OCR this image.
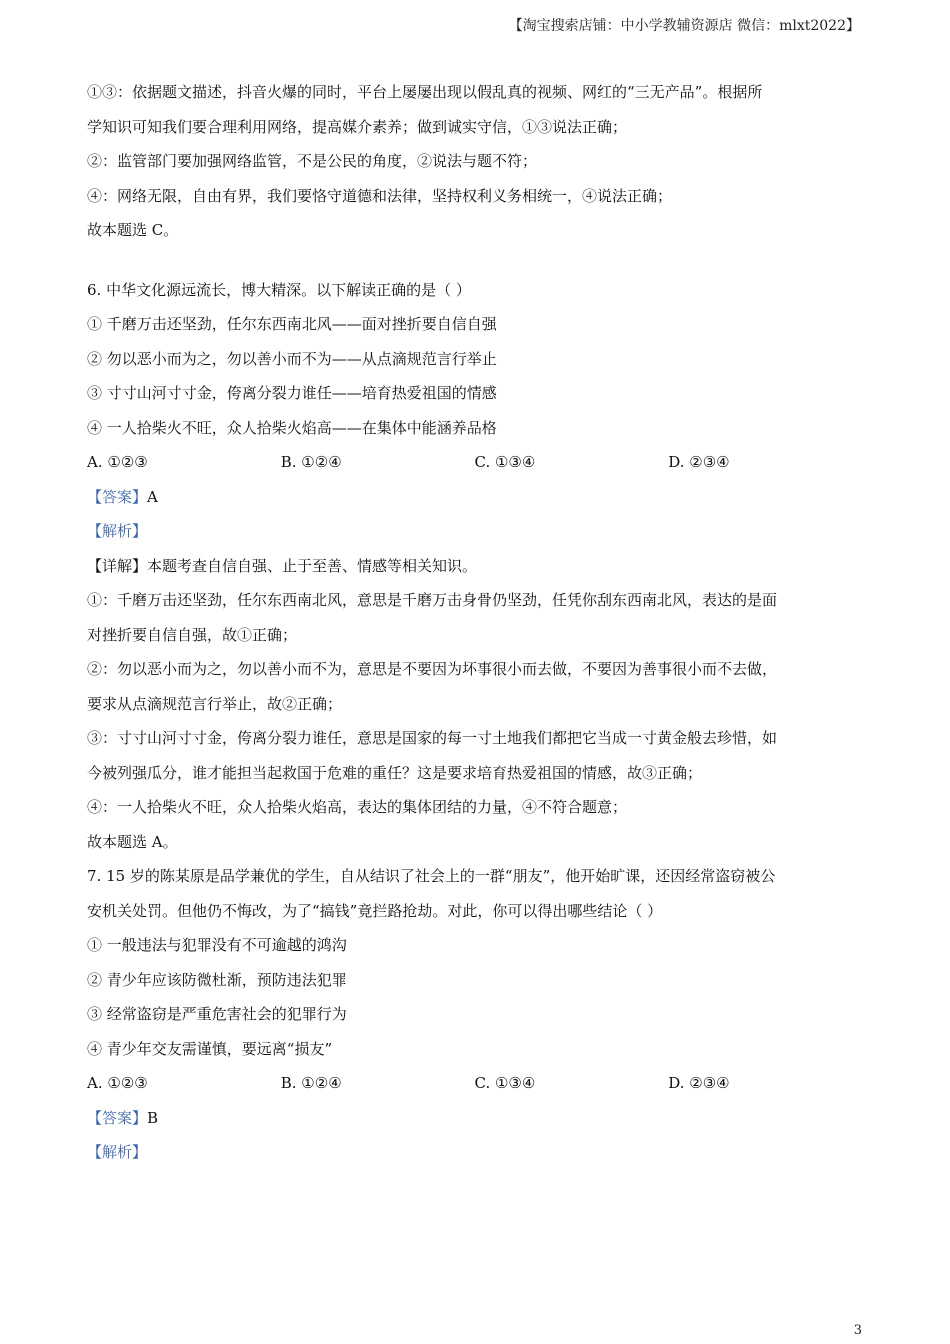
【淘宝搜索店铺：中小学教辅资源店 微信：mlxt2022】
①③：依据题文描述，抖音火爆的同时，平台上屡屡出现以假乱真的视频、网红的“三无产品”。根据所
学知识可知我们要合理利用网络，提高媒介素养；做到诚实守信，①③说法正确；
②：监管部门要加强网络监管，不是公民的角度，②说法与题不符；
④：网络无限，自由有界，我们要恪守道德和法律，坚持权利义务相统一，④说法正确；
故本题选 C。
6. 中华文化源远流长，博大精深。以下解读正确的是（ ）
① 千磨万击还坚劲，任尔东西南北风——面对挫折要自信自强
② 勿以恶小而为之，勿以善小而不为——从点滴规范言行举止
③ 寸寸山河寸寸金，侉离分裂力谁任——培育热爱祖国的情感
④ 一人拾柴火不旺，众人拾柴火焰高——在集体中能涵养品格
A. ①②③	B. ①②④	C. ①③④	D. ②③④
【答案】A
【解析】
【详解】本题考查自信自强、止于至善、情感等相关知识。
①：千磨万击还坚劲，任尔东西南北风，意思是千磨万击身骨仍坚劲，任凭你刮东西南北风，表达的是面
对挫折要自信自强，故①正确；
②：勿以恶小而为之，勿以善小而不为，意思是不要因为坏事很小而去做，不要因为善事很小而不去做，
要求从点滴规范言行举止，故②正确；
③：寸寸山河寸寸金，侉离分裂力谁任，意思是国家的每一寸土地我们都把它当成一寸黄金般去珍惜，如
今被列强瓜分，谁才能担当起救国于危难的重任？这是要求培育热爱祖国的情感，故③正确；
④：一人拾柴火不旺，众人拾柴火焰高，表达的集体团结的力量，④不符合题意；
故本题选 A。
7. 15 岁的陈某原是品学兼优的学生，自从结识了社会上的一群“朋友”，他开始旷课，还因经常盗窃被公
安机关处罚。但他仍不悔改，为了“搞钱”竟拦路抢劫。对此，你可以得出哪些结论（ ）
① 一般违法与犯罪没有不可逾越的鸿沟
② 青少年应该防微杜渐，预防违法犯罪
③ 经常盗窃是严重危害社会的犯罪行为
④ 青少年交友需谨慎，要远离“损友”
A. ①②③	B. ①②④	C. ①③④	D. ②③④
【答案】B
【解析】
3
